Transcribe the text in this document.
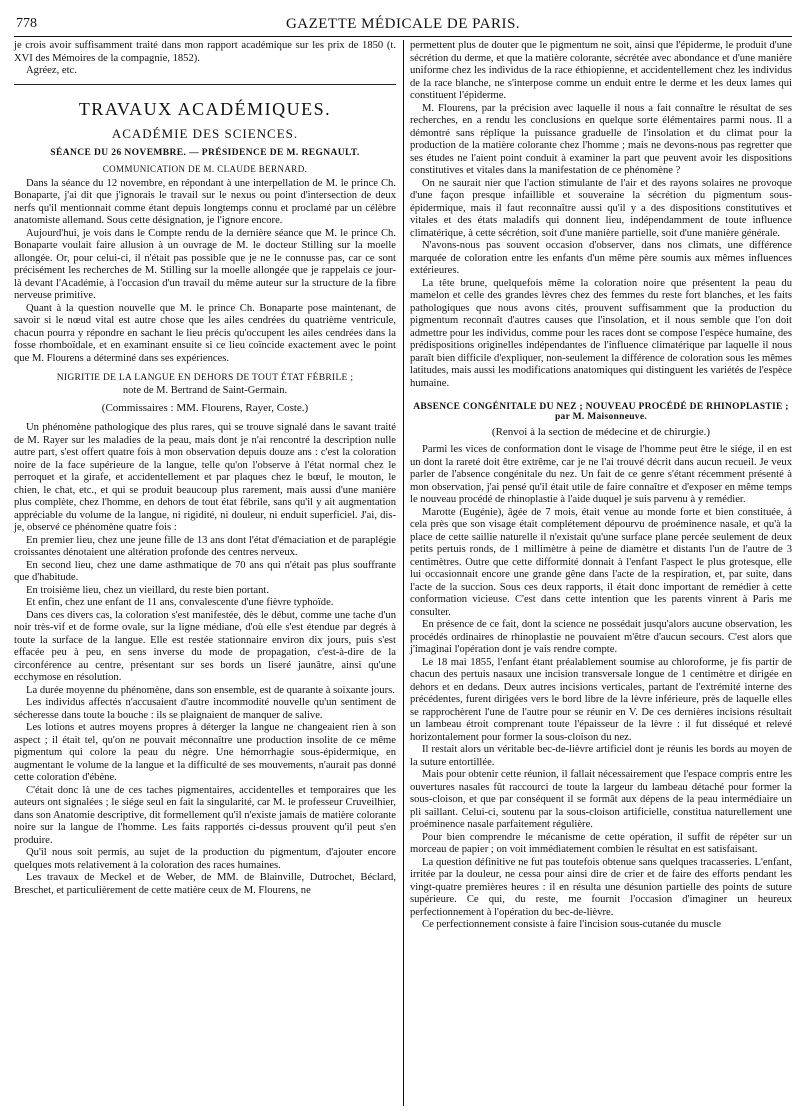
778	GAZETTE MÉDICALE DE PARIS.

je crois avoir suffisamment traité dans mon rapport académique sur les prix de 1850 (t. XVI des Mémoires de la compagnie, 1852).

Agréez, etc.

TRAVAUX ACADÉMIQUES.
ACADÉMIE DES SCIENCES.
SÉANCE DU 26 NOVEMBRE. — PRÉSIDENCE DE M. REGNAULT.
COMMUNICATION DE M. CLAUDE BERNARD.

Dans la séance du 12 novembre, en répondant à une interpellation de M. le prince Ch. Bonaparte, j'ai dit que j'ignorais le travail sur le nexus ou point d'intersection de deux nerfs qu'il mentionnait comme étant depuis longtemps connu et proclamé par un célèbre anatomiste allemand. Sous cette désignation, je l'ignore encore.

Aujourd'hui, je vois dans le Compte rendu de la dernière séance que M. le prince Ch. Bonaparte voulait faire allusion à un ouvrage de M. le docteur Stilling sur la moelle allongée. Or, pour celui-ci, il n'était pas possible que je ne le connusse pas, car ce sont précisément les recherches de M. Stilling sur la moelle allongée que je rappelais ce jour-là devant l'Académie, à l'occasion d'un travail du même auteur sur la structure de la fibre nerveuse primitive.

Quant à la question nouvelle que M. le prince Ch. Bonaparte pose maintenant, de savoir si le nœud vital est autre chose que les ailes cendrées du quatrième ventricule, chacun pourra y répondre en sachant le lieu précis qu'occupent les ailes cendrées dans la fosse rhomboïdale, et en examinant ensuite si ce lieu coïncide exactement avec le point que M. Flourens a déterminé dans ses expériences.

NIGRITIE DE LA LANGUE EN DEHORS DE TOUT ÉTAT FÉBRILE ;
note de M. Bertrand de Saint-Germain.
(Commissaires : MM. Flourens, Rayer, Coste.)

Un phénomène pathologique des plus rares, qui se trouve signalé dans le savant traité de M. Rayer sur les maladies de la peau, mais dont je n'ai rencontré la description nulle autre part, s'est offert quatre fois à mon observation depuis douze ans : c'est la coloration noire de la face supérieure de la langue, telle qu'on l'observe à l'état normal chez le perroquet et la girafe, et accidentellement et par plaques chez le bœuf, le mouton, le chien, le chat, etc., et qui se produit beaucoup plus rarement, mais aussi d'une manière plus complète, chez l'homme, en dehors de tout état fébrile, sans qu'il y ait augmentation appréciable du volume de la langue, ni rigidité, ni douleur, ni enduit superficiel. J'ai, dis-je, observé ce phénomène quatre fois :

En premier lieu, chez une jeune fille de 13 ans dont l'état d'émaciation et de paraplégie croissantes dénotaient une altération profonde des centres nerveux.

En second lieu, chez une dame asthmatique de 70 ans qui n'était pas plus souffrante que d'habitude.

En troisième lieu, chez un vieillard, du reste bien portant.

Et enfin, chez une enfant de 11 ans, convalescente d'une fièvre typhoïde.

Dans ces divers cas, la coloration s'est manifestée, dès le début, comme une tache d'un noir très-vif et de forme ovale, sur la ligne médiane, d'où elle s'est étendue par degrés à toute la surface de la langue. Elle est restée stationnaire environ dix jours, puis s'est effacée peu à peu, en sens inverse du mode de propagation, c'est-à-dire de la circonférence au centre, présentant sur ses bords un liseré jaunâtre, ainsi qu'une ecchymose en résolution.

La durée moyenne du phénomène, dans son ensemble, est de quarante à soixante jours.

Les individus affectés n'accusaient d'autre incommodité nouvelle qu'un sentiment de sécheresse dans toute la bouche : ils se plaignaient de manquer de salive.

Les lotions et autres moyens propres à déterger la langue ne changeaient rien à son aspect ; il était tel, qu'on ne pouvait méconnaître une production insolite de ce même pigmentum qui colore la peau du nègre. Une hémorrhagie sous-épidermique, en augmentant le volume de la langue et la difficulté de ses mouvements, n'aurait pas donné cette coloration d'ébène.

C'était donc là une de ces taches pigmentaires, accidentelles et temporaires que les auteurs ont signalées ; le siége seul en fait la singularité, car M. le professeur Cruveilhier, dans son Anatomie descriptive, dit formellement qu'il n'existe jamais de matière colorante noire sur la langue de l'homme. Les faits rapportés ci-dessus prouvent qu'il peut s'en produire.

Qu'il nous soit permis, au sujet de la production du pigmentum, d'ajouter encore quelques mots relativement à la coloration des races humaines.

Les travaux de Meckel et de Weber, de MM. de Blainville, Dutrochet, Béclard, Breschet, et particulièrement de cette matière ceux de M. Flourens, ne

permettent plus de douter que le pigmentum ne soit, ainsi que l'épiderme, le produit d'une sécrétion du derme, et que la matière colorante, sécrétée avec abondance et d'une manière uniforme chez les individus de la race éthiopienne, et accidentellement chez les individus de la race blanche, ne s'interpose comme un enduit entre le derme et les deux lames qui constituent l'épiderme.

M. Flourens, par la précision avec laquelle il nous a fait connaître le résultat de ses recherches, en a rendu les conclusions en quelque sorte élémentaires parmi nous. Il a démontré sans réplique la puissance graduelle de l'insolation et du climat pour la production de la matière colorante chez l'homme ; mais ne devons-nous pas regretter que ses études ne l'aient point conduit à examiner la part que peuvent avoir les dispositions constitutives et vitales dans la manifestation de ce phénomène ?

On ne saurait nier que l'action stimulante de l'air et des rayons solaires ne provoque d'une façon presque infaillible et souveraine la sécrétion du pigmentum sous-épidermique, mais il faut reconnaître aussi qu'il y a des dispositions constitutives et vitales et des états maladifs qui donnent lieu, indépendamment de toute influence climatérique, à cette sécrétion, soit d'une manière partielle, soit d'une manière générale.

N'avons-nous pas souvent occasion d'observer, dans nos climats, une différence marquée de coloration entre les enfants d'un même père soumis aux mêmes influences extérieures.

La tête brune, quelquefois même la coloration noire que présentent la peau du mamelon et celle des grandes lèvres chez des femmes du reste fort blanches, et les faits pathologiques que nous avons cités, prouvent suffisamment que la production du pigmentum reconnaît d'autres causes que l'insolation, et il nous semble que l'on doit admettre pour les individus, comme pour les races dont se compose l'espèce humaine, des prédispositions originelles indépendantes de l'influence climatérique par laquelle il nous paraît bien difficile d'expliquer, non-seulement la différence de coloration sous les mêmes latitudes, mais aussi les modifications anatomiques qui distinguent les variétés de l'espèce humaine.

ABSENCE CONGÉNITALE DU NEZ ; NOUVEAU PROCÉDÉ DE RHINOPLASTIE ; par M. Maisonneuve.
(Renvoi à la section de médecine et de chirurgie.)

Parmi les vices de conformation dont le visage de l'homme peut être le siége, il en est un dont la rareté doit être extrême, car je ne l'ai trouvé décrit dans aucun recueil. Je veux parler de l'absence congénitale du nez. Un fait de ce genre s'étant récemment présenté à mon observation, j'ai pensé qu'il était utile de faire connaître et d'exposer en même temps le nouveau procédé de rhinoplastie à l'aide duquel je suis parvenu à y remédier.

Marotte (Eugénie), âgée de 7 mois, était venue au monde forte et bien constituée, à cela près que son visage était complétement dépourvu de proéminence nasale, et qu'à la place de cette saillie naturelle il n'existait qu'une surface plane percée seulement de deux petits pertuis ronds, de 1 millimètre à peine de diamètre et distants l'un de l'autre de 3 centimètres. Outre que cette difformité donnait à l'enfant l'aspect le plus grotesque, elle lui occasionnait encore une grande gêne dans l'acte de la respiration, et, par suite, dans l'acte de la succion. Sous ces deux rapports, il était donc important de remédier à cette conformation vicieuse. C'est dans cette intention que les parents vinrent à Paris me consulter.

En présence de ce fait, dont la science ne possédait jusqu'alors aucune observation, les procédés ordinaires de rhinoplastie ne pouvaient m'être d'aucun secours. C'est alors que j'imaginai l'opération dont je vais rendre compte.

Le 18 mai 1855, l'enfant étant préalablement soumise au chloroforme, je fis partir de chacun des pertuis nasaux une incision transversale longue de 1 centimètre et dirigée en dehors et en dedans. Deux autres incisions verticales, partant de l'extrémité interne des précédentes, furent dirigées vers le bord libre de la lèvre inférieure, près de laquelle elles se rapprochèrent l'une de l'autre pour se réunir en V. De ces dernières incisions résultait un lambeau étroit comprenant toute l'épaisseur de la lèvre : il fut disséqué et relevé horizontalement pour former la sous-cloison du nez.

Il restait alors un véritable bec-de-lièvre artificiel dont je réunis les bords au moyen de la suture entortillée.

Mais pour obtenir cette réunion, il fallait nécessairement que l'espace compris entre les ouvertures nasales fût raccourci de toute la largeur du lambeau détaché pour former la sous-cloison, et que par conséquent il se formât aux dépens de la peau intermédiaire un pli saillant. Celui-ci, soutenu par la sous-cloison artificielle, constitua naturellement une proéminence nasale parfaitement régulière.

Pour bien comprendre le mécanisme de cette opération, il suffit de répéter sur un morceau de papier ; on voit immédiatement combien le résultat en est satisfaisant.

La question définitive ne fut pas toutefois obtenue sans quelques tracasseries. L'enfant, irritée par la douleur, ne cessa pour ainsi dire de crier et de faire des efforts pendant les vingt-quatre premières heures : il en résulta une désunion partielle des points de suture supérieure. Ce qui, du reste, me fournit l'occasion d'imaginer un heureux perfectionnement à l'opération du bec-de-lièvre.

Ce perfectionnement consiste à faire l'incision sous-cutanée du muscle
